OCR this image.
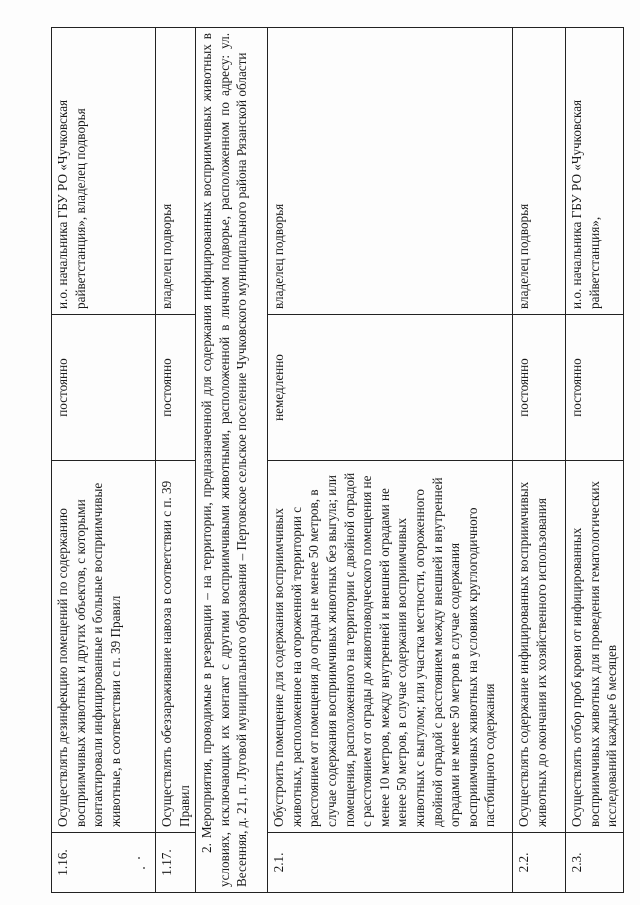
1.16.	Осуществлять дезинфекцию помещений по содержанию восприимчивых животных и других объектов, с которыми контактировали инфицированные и больные восприимчивые животные, в соответствии с п. 39 Правил	постоянно	и.о. начальника ГБУ РО «Чучковская райветстанция», владелец подворья
1.17.	Осуществлять обеззараживание навоза в соответствии с п. 39 Правил	постоянно	владелец подворья
2. Мероприятия, проводимые в резервации – на территории, предназначенной для содержания инфицированных восприимчивых животных в условиях, исключающих их контакт с другими восприимчивыми животными, расположенной в личном подворье, расположенном по адресу: ул. Весенняя, д. 21, п. Луговой муниципального образования – Пертовское сельское поселение Чучковского муниципального района Рязанской области			
2.1.	Обустроить помещение для содержания восприимчивых животных, расположенное на огороженной территории с расстоянием от помещения до ограды не менее 50 метров, в случае содержания восприимчивых животных без выгула; или помещения, расположенного на территории с двойной оградой с расстоянием от ограды до животноводческого помещения не менее 10 метров, между внутренней и внешней оградами не менее 50 метров, в случае содержания восприимчивых животных с выгулом; или участка местности, огороженного двойной оградой с расстоянием между внешней и внутренней оградами не менее 50 метров в случае содержания восприимчивых животных на условиях круглогодичного пастбищного содержания	немедленно	владелец подворья
2.2.	Осуществлять содержание инфицированных восприимчивых животных до окончания их хозяйственного использования	постоянно	владелец подворья
2.3.	Осуществлять отбор проб крови от инфицированных восприимчивых животных для проведения гематологических исследований каждые 6 месяцев	постоянно	и.о. начальника ГБУ РО «Чучковская райветстанция»,
